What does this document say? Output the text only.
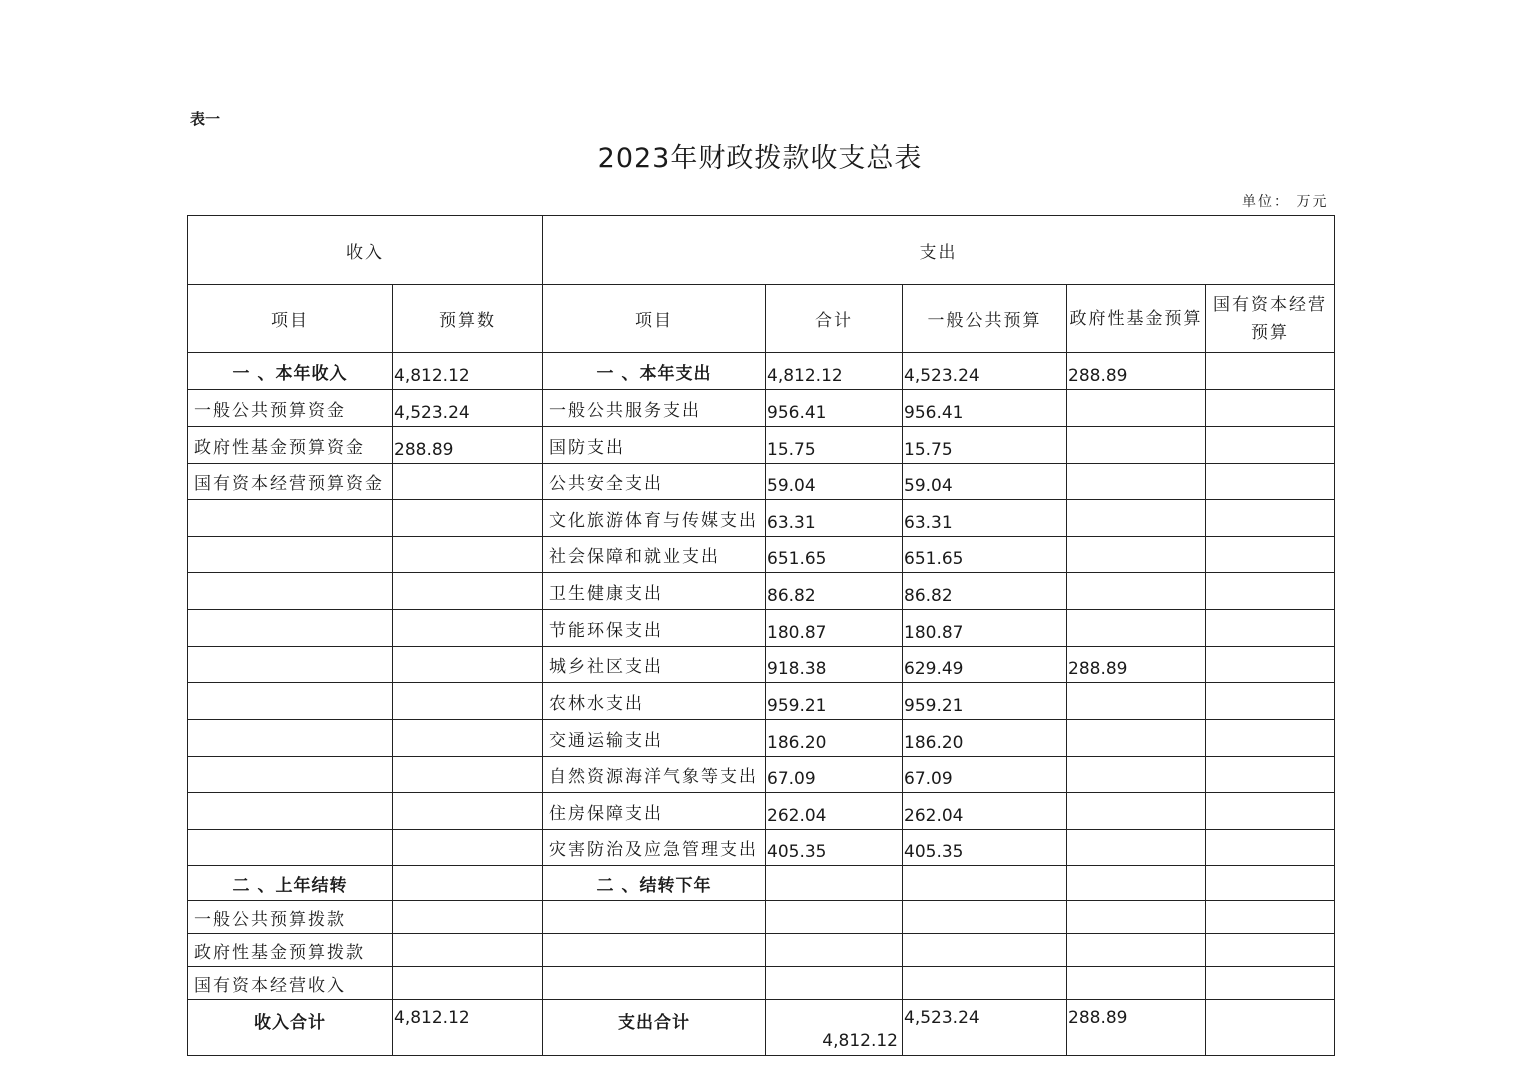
表一
2023年财政拨款收支总表
单位： 万元
收入		支出				
项目	预算数	项目	合计	一般公共预算	政府性基金预算	国有资本经营预算
一 、本年收入	4,812.12	一 、本年支出	4,812.12	4,523.24	288.89	
一般公共预算资金	4,523.24	一般公共服务支出	956.41	956.41		
政府性基金预算资金	288.89	国防支出	15.75	15.75		
国有资本经营预算资金		公共安全支出	59.04	59.04		
		文化旅游体育与传媒支出	63.31	63.31		
		社会保障和就业支出	651.65	651.65		
		卫生健康支出	86.82	86.82		
		节能环保支出	180.87	180.87		
		城乡社区支出	918.38	629.49	288.89	
		农林水支出	959.21	959.21		
		交通运输支出	186.20	186.20		
		自然资源海洋气象等支出	67.09	67.09		
		住房保障支出	262.04	262.04		
		灾害防治及应急管理支出	405.35	405.35		
二 、上年结转		二 、结转下年				
一般公共预算拨款						
政府性基金预算拨款						
国有资本经营收入						
收入合计	4,812.12	支出合计	4,812.12	4,523.24	288.89	
